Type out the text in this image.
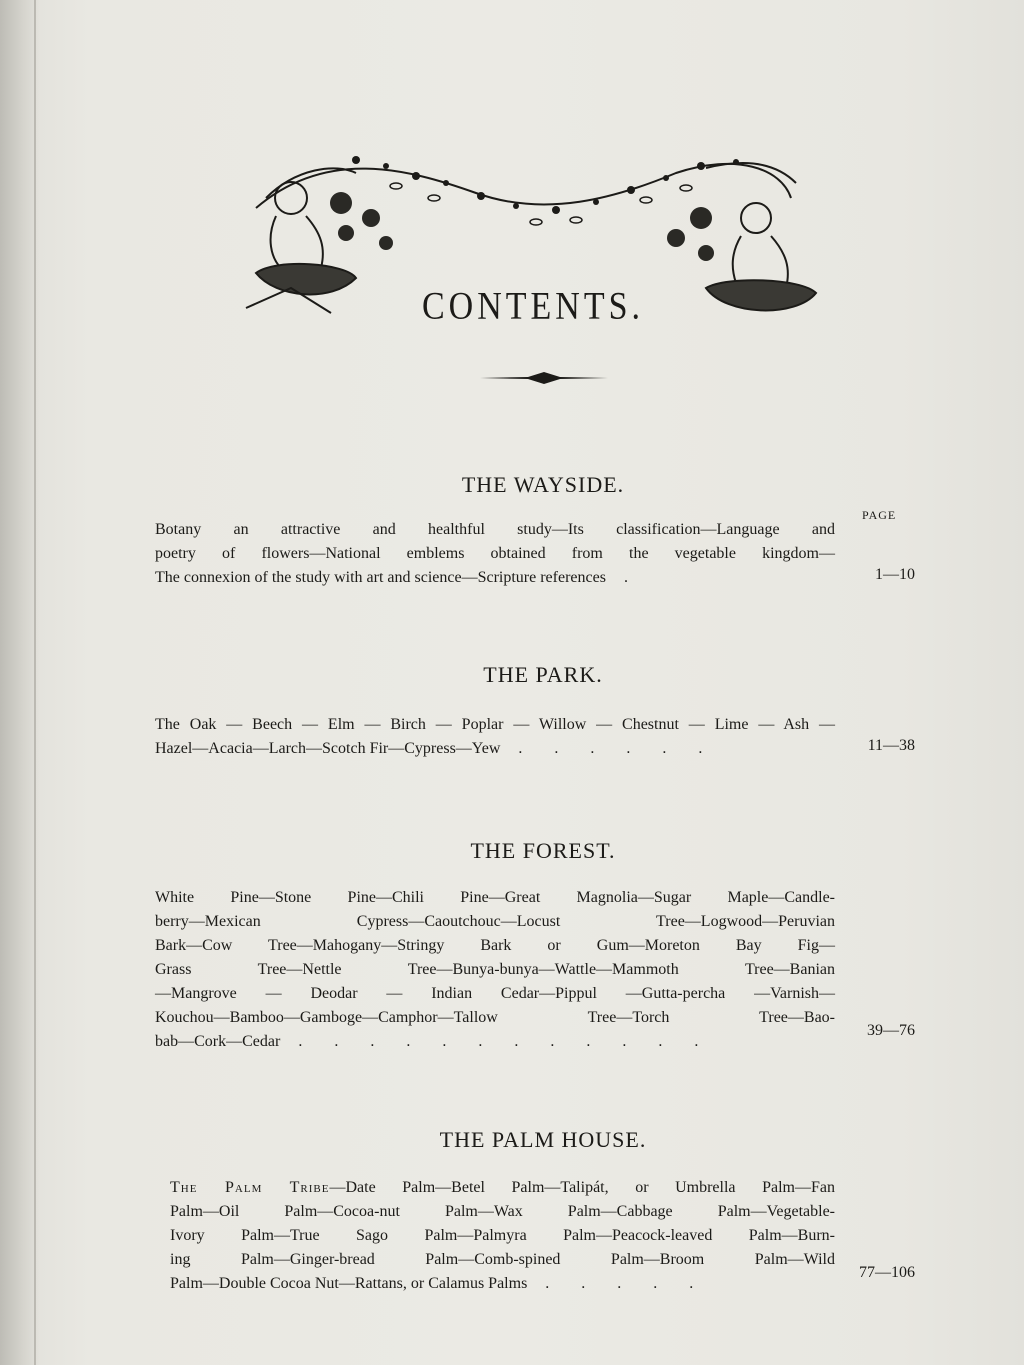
CONTENTS.
THE WAYSIDE.
PAGE
Botany an attractive and healthful study—Its classification—Language and
poetry of flowers—National emblems obtained from the vegetable kingdom—
The connexion of the study with art and science—Scripture references .	1—10
THE PARK.
The Oak — Beech — Elm — Birch — Poplar — Willow — Chestnut — Lime — Ash —
Hazel—Acacia—Larch—Scotch Fir—Cypress—Yew . . . . . .	11—38
THE FOREST.
White Pine—Stone Pine—Chili Pine—Great Magnolia—Sugar Maple—Candle-
berry—Mexican Cypress—Caoutchouc—Locust Tree—Logwood—Peruvian
Bark—Cow Tree—Mahogany—Stringy Bark or Gum—Moreton Bay Fig—
Grass Tree—Nettle Tree—Bunya-bunya—Wattle—Mammoth Tree—Banian
—Mangrove — Deodar — Indian Cedar—Pippul —Gutta-percha —Varnish—
Kouchou—Bamboo—Gamboge—Camphor—Tallow Tree—Torch Tree—Bao-
bab—Cork—Cedar . . . . . . . . . . . .
39—76
THE PALM HOUSE.
The Palm Tribe—Date Palm—Betel Palm—Talipát, or Umbrella Palm—Fan
Palm—Oil Palm—Cocoa-nut Palm—Wax Palm—Cabbage Palm—Vegetable-
Ivory Palm—True Sago Palm—Palmyra Palm—Peacock-leaved Palm—Burn-
ing Palm—Ginger-bread Palm—Comb-spined Palm—Broom Palm—Wild
Palm—Double Cocoa Nut—Rattans, or Calamus Palms . . . . .
77—106
